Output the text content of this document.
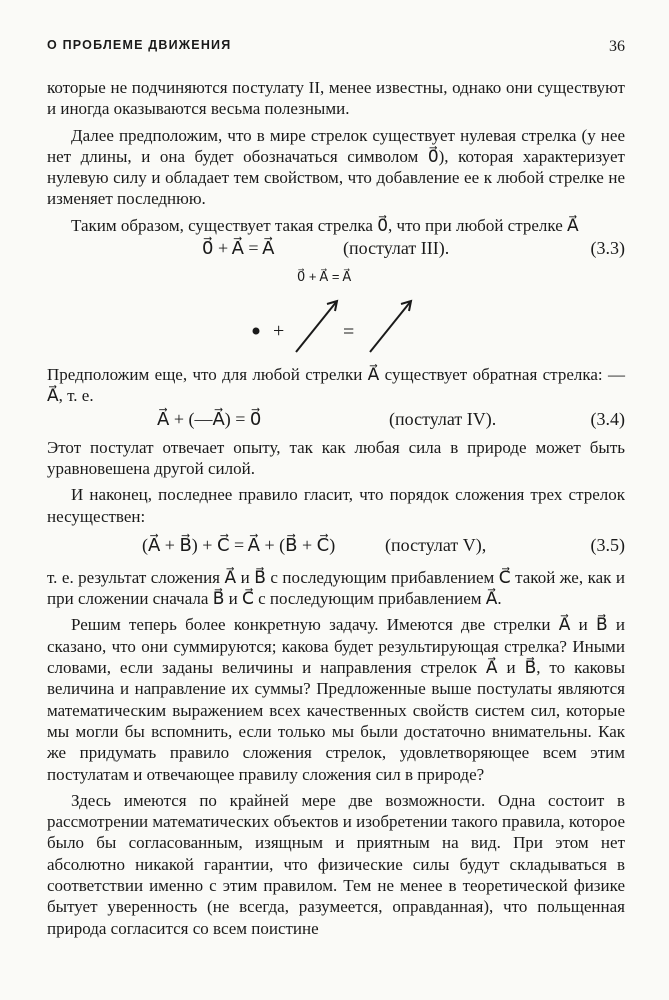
О ПРОБЛЕМЕ ДВИЖЕНИЯ	36

которые не подчиняются постулату II, менее известны, однако они существуют и иногда оказываются весьма полезными.

Далее предположим, что в мире стрелок существует нулевая стрелка (у нее нет длины, и она будет обозначаться символом 0⃗), которая характеризует нулевую силу и обладает тем свойством, что добавление ее к любой стрелке не изменяет последнюю.

Таким образом, существует такая стрелка 0⃗, что при любой стрелке A⃗

0⃗ + A⃗ = A⃗	(постулат III).	(3.3)
0⃗ + A⃗ = A⃗
+	=

Предположим еще, что для любой стрелки A⃗ существует обратная стрелка: —A⃗, т. е.

A⃗ + (—A⃗) = 0⃗	(постулат IV).	(3.4)

Этот постулат отвечает опыту, так как любая сила в природе может быть уравновешена другой силой.

И наконец, последнее правило гласит, что порядок сложения трех стрелок несуществен:

(A⃗ + B⃗) + C⃗ = A⃗ + (B⃗ + C⃗)	(постулат V),	(3.5)

т. е. результат сложения A⃗ и B⃗ с последующим прибавлением C⃗ такой же, как и при сложении сначала B⃗ и C⃗ с последующим прибавлением A⃗.

Решим теперь более конкретную задачу. Имеются две стрелки A⃗ и B⃗ и сказано, что они суммируются; какова будет результирующая стрелка? Иными словами, если заданы величины и направления стрелок A⃗ и B⃗, то каковы величина и направление их суммы? Предложенные выше постулаты являются математическим выражением всех качественных свойств систем сил, которые мы могли бы вспомнить, если только мы были достаточно внимательны. Как же придумать правило сложения стрелок, удовлетворяющее всем этим постулатам и отвечающее правилу сложения сил в природе?

Здесь имеются по крайней мере две возможности. Одна состоит в рассмотрении математических объектов и изобретении такого правила, которое было бы согласованным, изящным и приятным на вид. При этом нет абсолютно никакой гарантии, что физические силы будут складываться в соответствии именно с этим правилом. Тем не менее в теоретической физике бытует уверенность (не всегда, разумеется, оправданная), что польщенная природа согласится со всем поистине
